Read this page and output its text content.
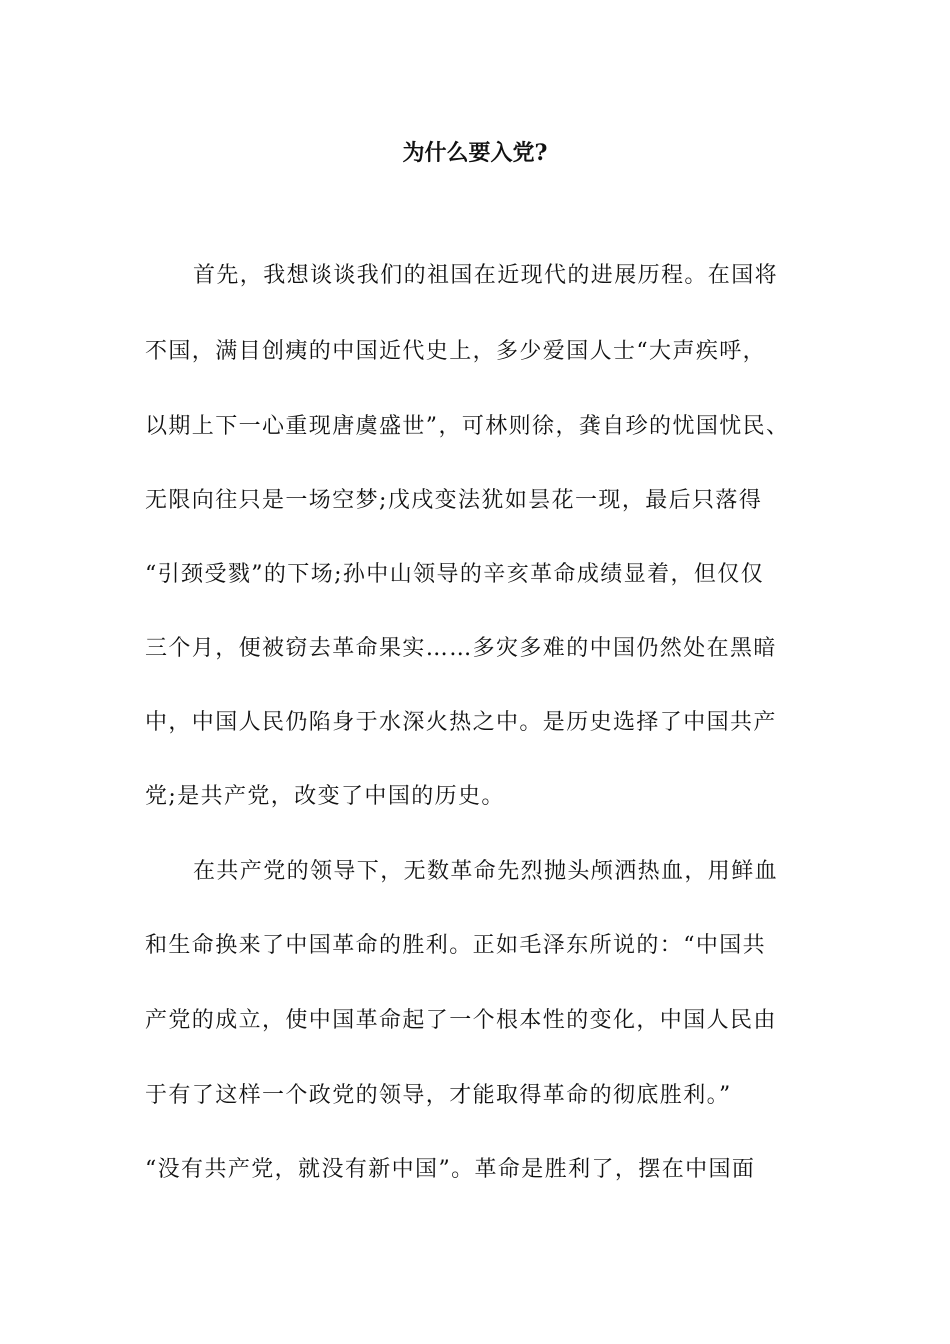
为什么要入党?
首先，我想谈谈我们的祖国在近现代的进展历程。在国将
不国，满目创痍的中国近代史上，多少爱国人士“大声疾呼，
以期上下一心重现唐虞盛世”，可林则徐，龚自珍的忧国忧民、
无限向往只是一场空梦;戊戌变法犹如昙花一现，最后只落得
“引颈受戮”的下场;孙中山领导的辛亥革命成绩显着，但仅仅
三个月，便被窃去革命果实……多灾多难的中国仍然处在黑暗
中，中国人民仍陷身于水深火热之中。是历史选择了中国共产
党;是共产党，改变了中国的历史。
在共产党的领导下，无数革命先烈抛头颅洒热血，用鲜血
和生命换来了中国革命的胜利。正如毛泽东所说的：“中国共
产党的成立，使中国革命起了一个根本性的变化，中国人民由
于有了这样一个政党的领导，才能取得革命的彻底胜利。”
“没有共产党，就没有新中国”。革命是胜利了，摆在中国面
